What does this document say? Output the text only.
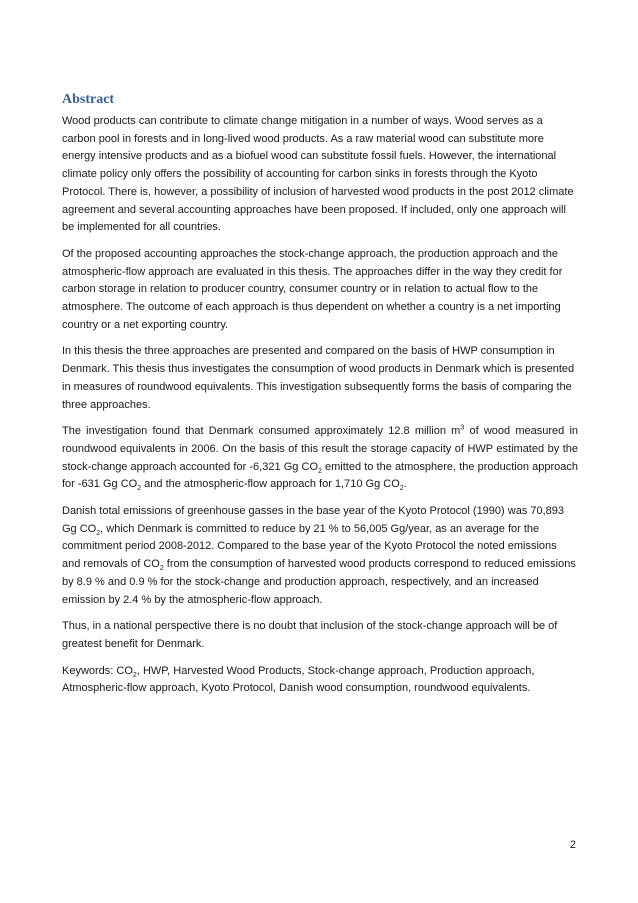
Abstract

Wood products can contribute to climate change mitigation in a number of ways. Wood serves as a carbon pool in forests and in long-lived wood products. As a raw material wood can substitute more energy intensive products and as a biofuel wood can substitute fossil fuels. However, the international climate policy only offers the possibility of accounting for carbon sinks in forests through the Kyoto Protocol. There is, however, a possibility of inclusion of harvested wood products in the post 2012 climate agreement and several accounting approaches have been proposed. If included, only one approach will be implemented for all countries.

Of the proposed accounting approaches the stock-change approach, the production approach and the atmospheric-flow approach are evaluated in this thesis. The approaches differ in the way they credit for carbon storage in relation to producer country, consumer country or in relation to actual flow to the atmosphere. The outcome of each approach is thus dependent on whether a country is a net importing country or a net exporting country.

In this thesis the three approaches are presented and compared on the basis of HWP consumption in Denmark. This thesis thus investigates the consumption of wood products in Denmark which is presented in measures of roundwood equivalents. This investigation subsequently forms the basis of comparing the three approaches.

The investigation found that Denmark consumed approximately 12.8 million $m^3$ of wood measured in roundwood equivalents in 2006. On the basis of this result the storage capacity of HWP estimated by the stock-change approach accounted for -6,321 Gg $CO_2$ emitted to the atmosphere, the production approach for -631 Gg $CO_2$ and the atmospheric-flow approach for 1,710 Gg $CO_2$.

Danish total emissions of greenhouse gasses in the base year of the Kyoto Protocol (1990) was 70,893 Gg $CO_2$, which Denmark is committed to reduce by 21 % to 56,005 Gg/year, as an average for the commitment period 2008-2012. Compared to the base year of the Kyoto Protocol the noted emissions and removals of $CO_2$ from the consumption of harvested wood products correspond to reduced emissions by 8.9 % and 0.9 % for the stock-change and production approach, respectively, and an increased emission by 2.4 % by the atmospheric-flow approach.

Thus, in a national perspective there is no doubt that inclusion of the stock-change approach will be of greatest benefit for Denmark.

Keywords: $CO_2$, HWP, Harvested Wood Products, Stock-change approach, Production approach, Atmospheric-flow approach, Kyoto Protocol, Danish wood consumption, roundwood equivalents.

2
